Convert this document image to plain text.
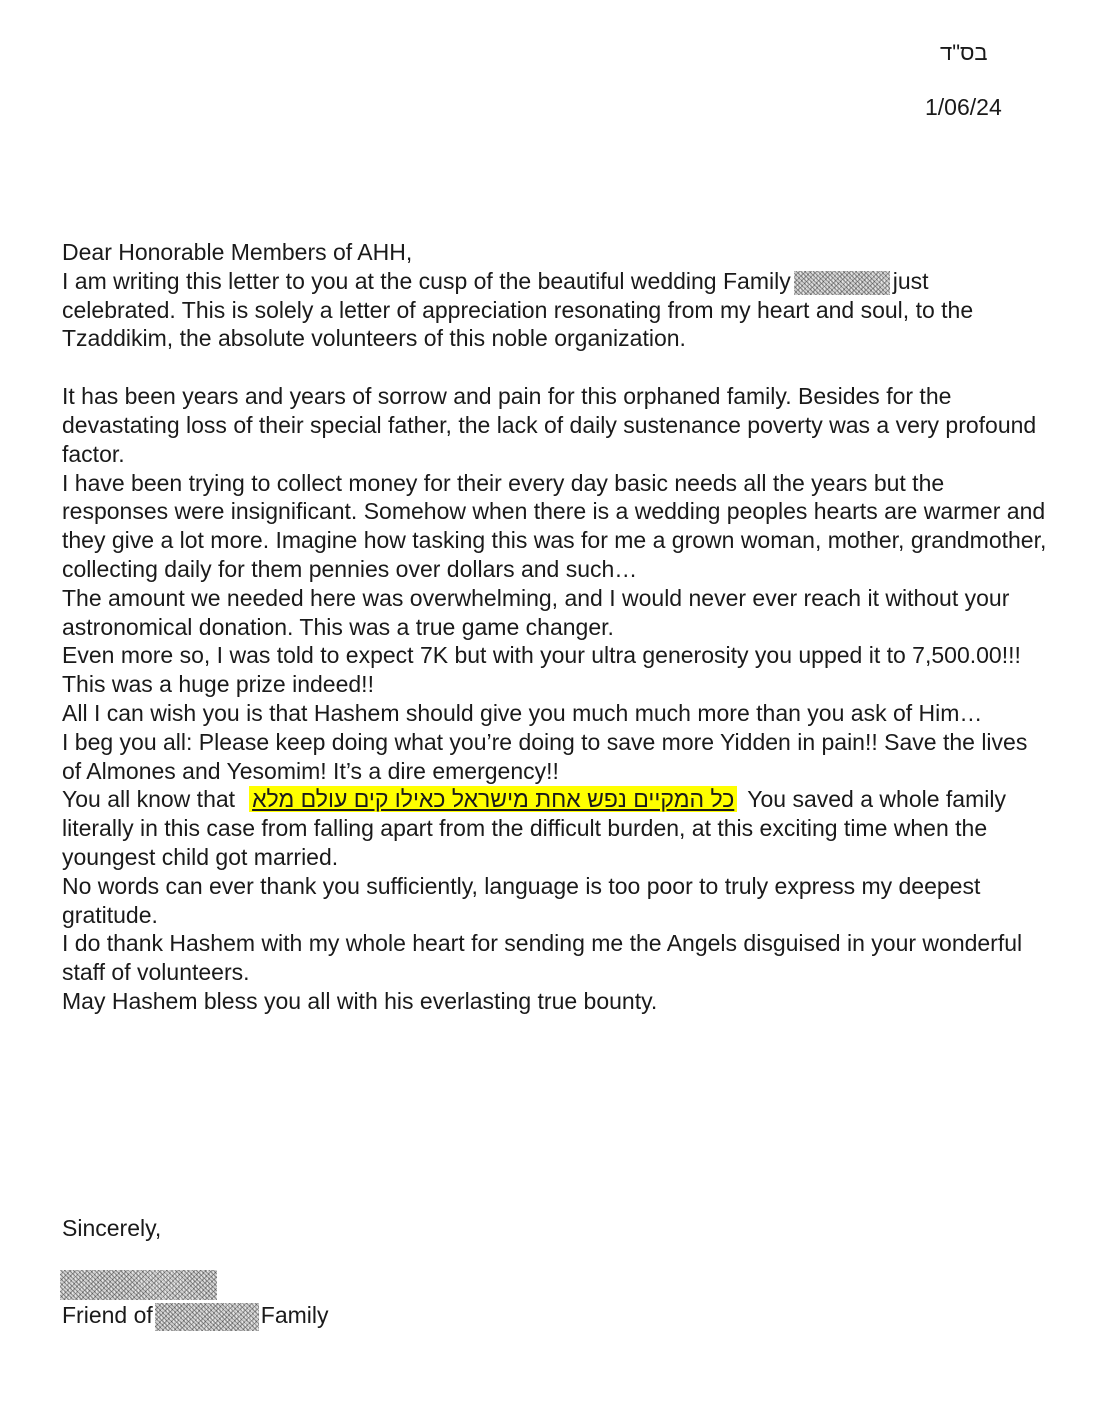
בס"ד
1/06/24

Dear Honorable Members of AHH,

I am writing this letter to you at the cusp of the beautiful wedding Family	just celebrated. This is solely a letter of appreciation resonating from my heart and soul, to the Tzaddikim, the absolute volunteers of this noble organization.

It has been years and years of sorrow and pain for this orphaned family. Besides for the devastating loss of their special father, the lack of daily sustenance poverty was a very profound factor.

I have been trying to collect money for their every day basic needs all the years but the responses were insignificant. Somehow when there is a wedding peoples hearts are warmer and they give a lot more. Imagine how tasking this was for me a grown woman, mother, grandmother, collecting daily for them pennies over dollars and such…

The amount we needed here was overwhelming, and I would never ever reach it without your astronomical donation. This was a true game changer.

Even more so, I was told to expect 7K but with your ultra generosity you upped it to 7,500.00!!!

This was a huge prize indeed!!

All I can wish you is that Hashem should give you much much more than you ask of Him…

I beg you all: Please keep doing what you’re doing to save more Yidden in pain!! Save the lives of Almones and Yesomim! It’s a dire emergency!!

You all know that כל המקיים נפש אחת מישראל כאילו קים עולם מלא You saved a whole family literally in this case from falling apart from the difficult burden, at this exciting time when the youngest child got married.

No words can ever thank you sufficiently, language is too poor to truly express my deepest gratitude.

I do thank Hashem with my whole heart for sending me the Angels disguised in your wonderful staff of volunteers.

May Hashem bless you all with his everlasting true bounty.

Sincerely,
Friend of	Family
